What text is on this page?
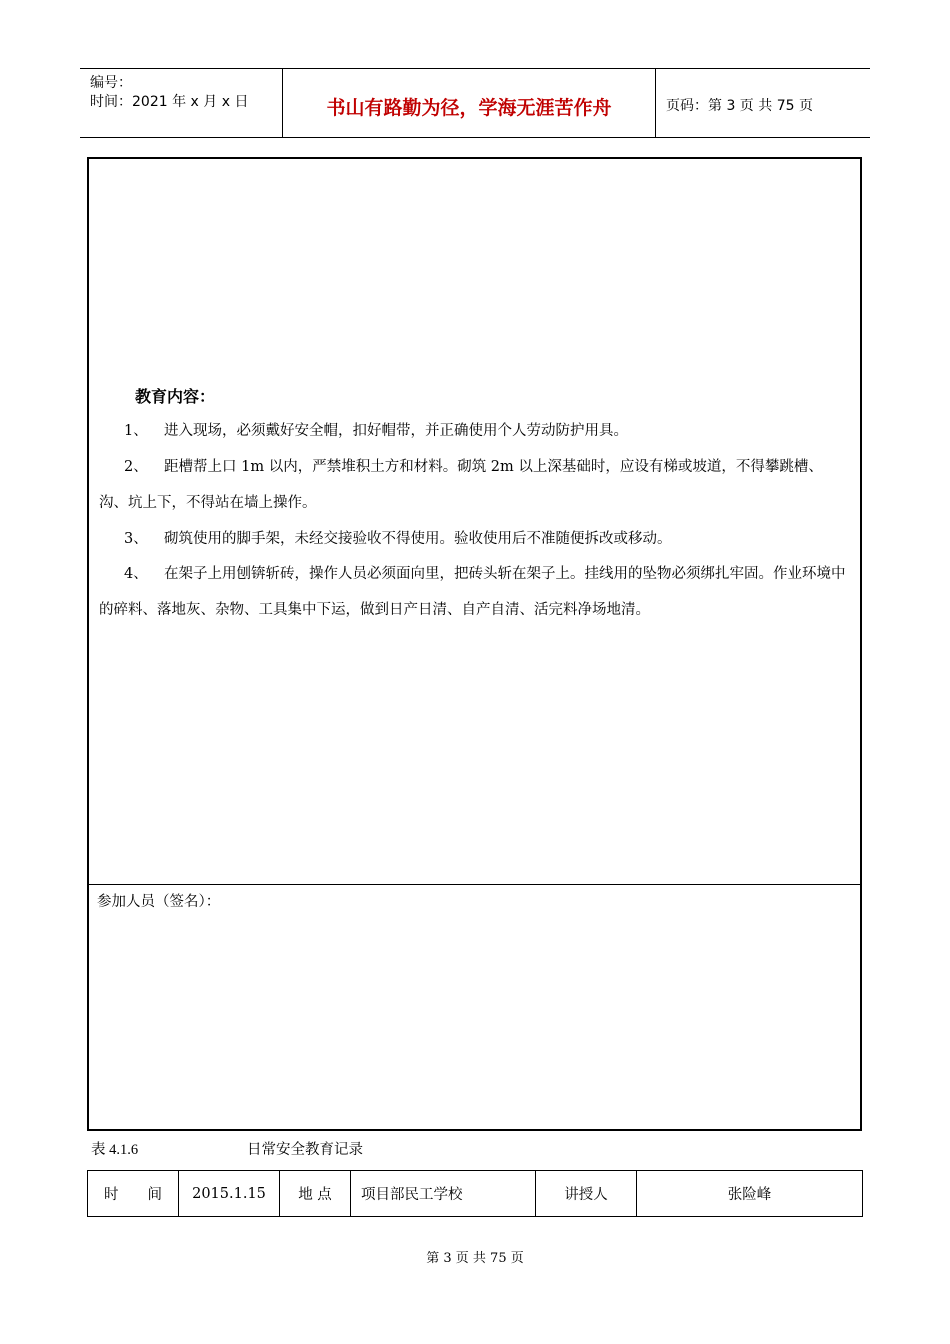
编号：
时间：2021 年 x 月 x 日	书山有路勤为径，学海无涯苦作舟	页码：第 3 页 共 75 页
教育内容：
1、	进入现场，必须戴好安全帽，扣好帽带，并正确使用个人劳动防护用具。
2、	距槽帮上口 1m 以内，严禁堆积土方和材料。砌筑 2m 以上深基础时，应设有梯或坡道，不得攀跳槽、沟、坑上下，不得站在墙上操作。
3、	砌筑使用的脚手架，未经交接验收不得使用。验收使用后不准随便拆改或移动。
4、	在架子上用刨锛斩砖，操作人员必须面向里，把砖头斩在架子上。挂线用的坠物必须绑扎牢固。作业环境中的碎料、落地灰、杂物、工具集中下运，做到日产日清、自产自清、活完料净场地清。
参加人员（签名）：
表 4.1.6	日常安全教育记录
时　　间	2015.1.15	地 点	项目部民工学校	讲授人	张险峰
第 3 页 共 75 页
